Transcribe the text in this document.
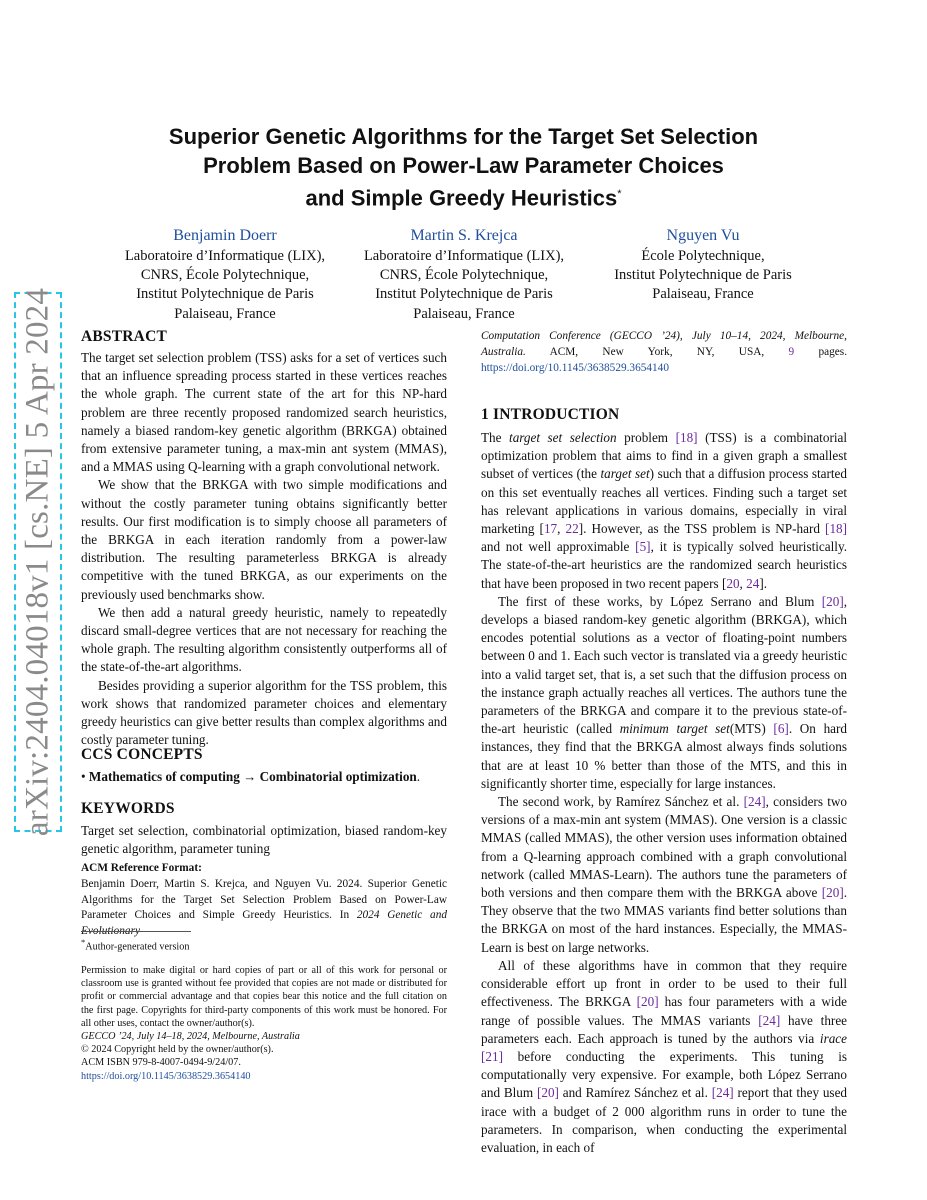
arXiv:2404.04018v1 [cs.NE] 5 Apr 2024
Superior Genetic Algorithms for the Target Set Selection
Problem Based on Power-Law Parameter Choices
and Simple Greedy Heuristics*
Benjamin Doerr
Laboratoire d’Informatique (LIX),
CNRS, École Polytechnique,
Institut Polytechnique de Paris
Palaiseau, France
Martin S. Krejca
Laboratoire d’Informatique (LIX),
CNRS, École Polytechnique,
Institut Polytechnique de Paris
Palaiseau, France
Nguyen Vu
École Polytechnique,
Institut Polytechnique de Paris
Palaiseau, France
ABSTRACT
The target set selection problem (TSS) asks for a set of vertices such that an influence spreading process started in these vertices reaches the whole graph. The current state of the art for this NP-hard problem are three recently proposed randomized search heuristics, namely a biased random-key genetic algorithm (BRKGA) obtained from extensive parameter tuning, a max-min ant system (MMAS), and a MMAS using Q-learning with a graph convolutional network.
We show that the BRKGA with two simple modifications and without the costly parameter tuning obtains significantly better results. Our first modification is to simply choose all parameters of the BRKGA in each iteration randomly from a power-law distribution. The resulting parameterless BRKGA is already competitive with the tuned BRKGA, as our experiments on the previously used benchmarks show.
We then add a natural greedy heuristic, namely to repeatedly discard small-degree vertices that are not necessary for reaching the whole graph. The resulting algorithm consistently outperforms all of the state-of-the-art algorithms.
Besides providing a superior algorithm for the TSS problem, this work shows that randomized parameter choices and elementary greedy heuristics can give better results than complex algorithms and costly parameter tuning.
CCS CONCEPTS
• Mathematics of computing → Combinatorial optimization.
KEYWORDS
Target set selection, combinatorial optimization, biased random-key genetic algorithm, parameter tuning
ACM Reference Format:
Benjamin Doerr, Martin S. Krejca, and Nguyen Vu. 2024. Superior Genetic Algorithms for the Target Set Selection Problem Based on Power-Law Parameter Choices and Simple Greedy Heuristics. In 2024 Genetic and Evolutionary
*Author-generated version
Permission to make digital or hard copies of part or all of this work for personal or classroom use is granted without fee provided that copies are not made or distributed for profit or commercial advantage and that copies bear this notice and the full citation on the first page. Copyrights for third-party components of this work must be honored. For all other uses, contact the owner/author(s).
GECCO ’24, July 14–18, 2024, Melbourne, Australia
© 2024 Copyright held by the owner/author(s).
ACM ISBN 979-8-4007-0494-9/24/07.
https://doi.org/10.1145/3638529.3654140
Computation Conference (GECCO ’24), July 10–14, 2024, Melbourne, Australia. ACM, New York, NY, USA, 9 pages. https://doi.org/10.1145/3638529.3654140
1 INTRODUCTION
The target set selection problem [18] (TSS) is a combinatorial optimization problem that aims to find in a given graph a smallest subset of vertices (the target set) such that a diffusion process started on this set eventually reaches all vertices. Finding such a target set has relevant applications in various domains, especially in viral marketing [17, 22]. However, as the TSS problem is NP-hard [18] and not well approximable [5], it is typically solved heuristically. The state-of-the-art heuristics are the randomized search heuristics that have been proposed in two recent papers [20, 24].
The first of these works, by López Serrano and Blum [20], develops a biased random-key genetic algorithm (BRKGA), which encodes potential solutions as a vector of floating-point numbers between 0 and 1. Each such vector is translated via a greedy heuristic into a valid target set, that is, a set such that the diffusion process on the instance graph actually reaches all vertices. The authors tune the parameters of the BRKGA and compare it to the previous state-of-the-art heuristic (called minimum target set(MTS) [6]. On hard instances, they find that the BRKGA almost always finds solutions that are at least 10 % better than those of the MTS, and this in significantly shorter time, especially for large instances.
The second work, by Ramírez Sánchez et al. [24], considers two versions of a max-min ant system (MMAS). One version is a classic MMAS (called MMAS), the other version uses information obtained from a Q-learning approach combined with a graph convolutional network (called MMAS-Learn). The authors tune the parameters of both versions and then compare them with the BRKGA above [20]. They observe that the two MMAS variants find better solutions than the BRKGA on most of the hard instances. Especially, the MMAS-Learn is best on large networks.
All of these algorithms have in common that they require considerable effort up front in order to be used to their full effectiveness. The BRKGA [20] has four parameters with a wide range of possible values. The MMAS variants [24] have three parameters each. Each approach is tuned by the authors via irace [21] before conducting the experiments. This tuning is computationally very expensive. For example, both López Serrano and Blum [20] and Ramírez Sánchez et al. [24] report that they used irace with a budget of 2 000 algorithm runs in order to tune the parameters. In comparison, when conducting the experimental evaluation, in each of
